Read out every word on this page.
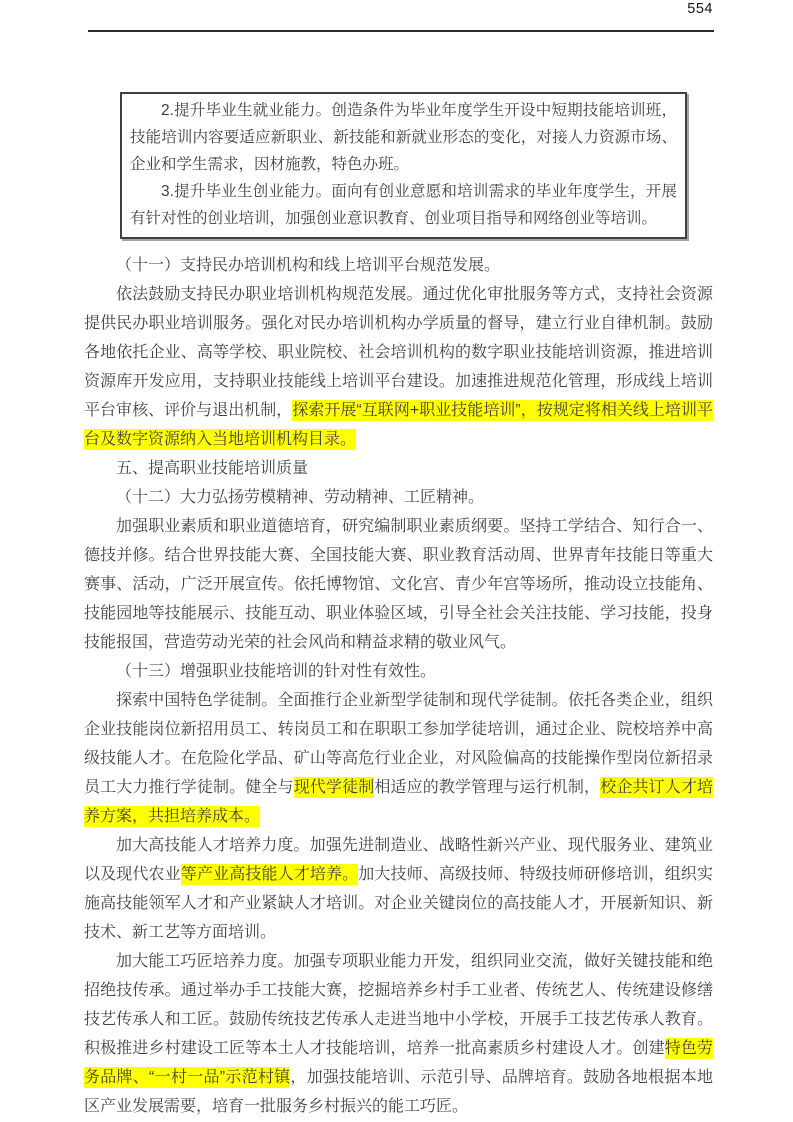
554

2.提升毕业生就业能力。创造条件为毕业年度学生开设中短期技能培训班，技能培训内容要适应新职业、新技能和新就业形态的变化，对接人力资源市场、企业和学生需求，因材施教，特色办班。

3.提升毕业生创业能力。面向有创业意愿和培训需求的毕业年度学生，开展有针对性的创业培训，加强创业意识教育、创业项目指导和网络创业等培训。

（十一）支持民办培训机构和线上培训平台规范发展。

依法鼓励支持民办职业培训机构规范发展。通过优化审批服务等方式，支持社会资源提供民办职业培训服务。强化对民办培训机构办学质量的督导，建立行业自律机制。鼓励各地依托企业、高等学校、职业院校、社会培训机构的数字职业技能培训资源，推进培训资源库开发应用，支持职业技能线上培训平台建设。加速推进规范化管理，形成线上培训平台审核、评价与退出机制，探索开展“互联网+职业技能培训”，按规定将相关线上培训平台及数字资源纳入当地培训机构目录。

五、提高职业技能培训质量

（十二）大力弘扬劳模精神、劳动精神、工匠精神。

加强职业素质和职业道德培育，研究编制职业素质纲要。坚持工学结合、知行合一、德技并修。结合世界技能大赛、全国技能大赛、职业教育活动周、世界青年技能日等重大赛事、活动，广泛开展宣传。依托博物馆、文化宫、青少年宫等场所，推动设立技能角、技能园地等技能展示、技能互动、职业体验区域，引导全社会关注技能、学习技能，投身技能报国，营造劳动光荣的社会风尚和精益求精的敬业风气。

（十三）增强职业技能培训的针对性有效性。

探索中国特色学徒制。全面推行企业新型学徒制和现代学徒制。依托各类企业，组织企业技能岗位新招用员工、转岗员工和在职职工参加学徒培训，通过企业、院校培养中高级技能人才。在危险化学品、矿山等高危行业企业，对风险偏高的技能操作型岗位新招录员工大力推行学徒制。健全与现代学徒制相适应的教学管理与运行机制，校企共订人才培养方案，共担培养成本。

加大高技能人才培养力度。加强先进制造业、战略性新兴产业、现代服务业、建筑业以及现代农业等产业高技能人才培养。加大技师、高级技师、特级技师研修培训，组织实施高技能领军人才和产业紧缺人才培训。对企业关键岗位的高技能人才，开展新知识、新技术、新工艺等方面培训。

加大能工巧匠培养力度。加强专项职业能力开发，组织同业交流，做好关键技能和绝招绝技传承。通过举办手工技能大赛，挖掘培养乡村手工业者、传统艺人、传统建设修缮技艺传承人和工匠。鼓励传统技艺传承人走进当地中小学校，开展手工技艺传承人教育。积极推进乡村建设工匠等本土人才技能培训，培养一批高素质乡村建设人才。创建特色劳务品牌、“一村一品”示范村镇，加强技能培训、示范引导、品牌培育。鼓励各地根据本地区产业发展需要，培育一批服务乡村振兴的能工巧匠。
